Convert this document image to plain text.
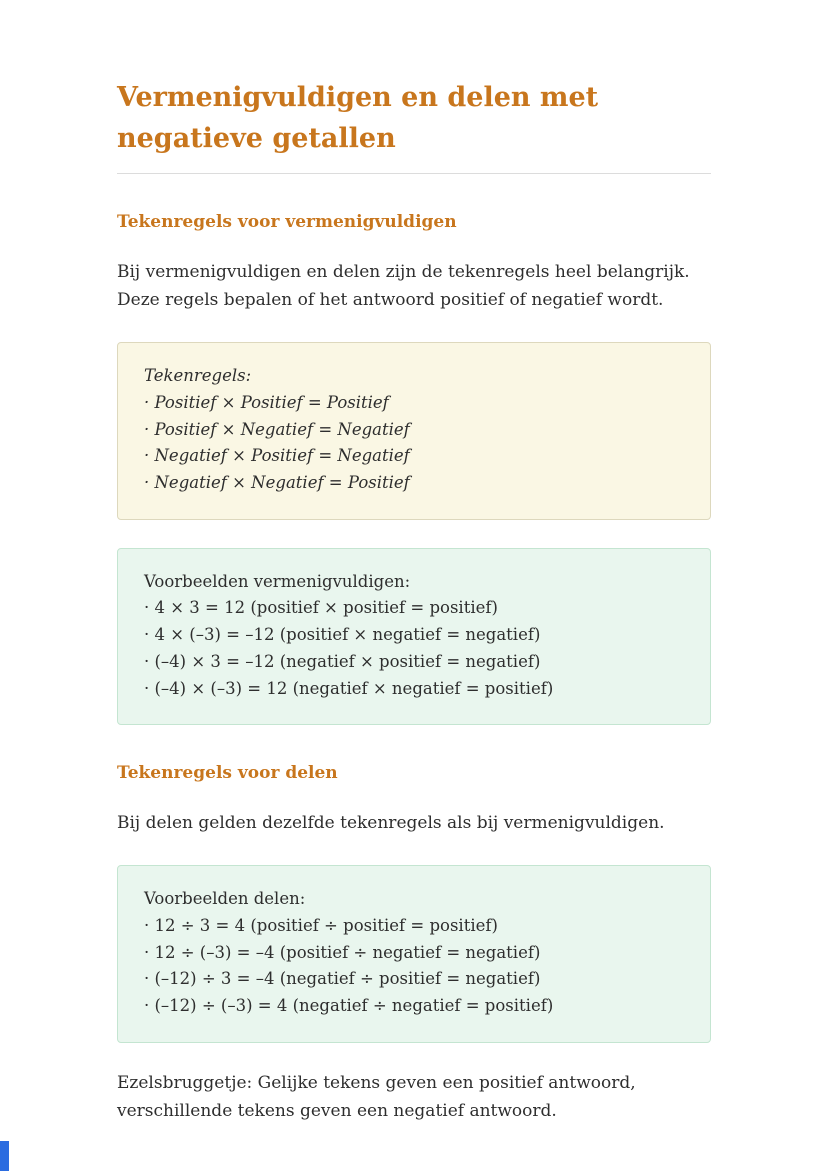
Vermenigvuldigen en delen met negatieve getallen
Tekenregels voor vermenigvuldigen

Bij vermenigvuldigen en delen zijn de tekenregels heel belangrijk. Deze regels bepalen of het antwoord positief of negatief wordt.

Tekenregels:

· Positief × Positief = Positief

· Positief × Negatief = Negatief

· Negatief × Positief = Negatief

· Negatief × Negatief = Positief

Voorbeelden vermenigvuldigen:

· 4 × 3 = 12 (positief × positief = positief)

· 4 × (–3) = –12 (positief × negatief = negatief)

· (–4) × 3 = –12 (negatief × positief = negatief)

· (–4) × (–3) = 12 (negatief × negatief = positief)

Tekenregels voor delen

Bij delen gelden dezelfde tekenregels als bij vermenigvuldigen.

Voorbeelden delen:

· 12 ÷ 3 = 4 (positief ÷ positief = positief)

· 12 ÷ (–3) = –4 (positief ÷ negatief = negatief)

· (–12) ÷ 3 = –4 (negatief ÷ positief = negatief)

· (–12) ÷ (–3) = 4 (negatief ÷ negatief = positief)

Ezelsbruggetje: Gelijke tekens geven een positief antwoord, verschillende tekens geven een negatief antwoord.
